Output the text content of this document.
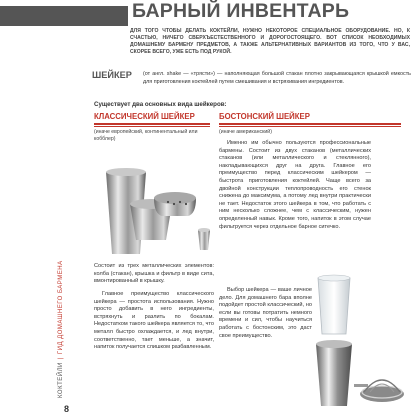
БАРНЫЙ ИНВЕНТАРЬ
ДЛЯ ТОГО ЧТОБЫ ДЕЛАТЬ КОКТЕЙЛИ, НУЖНО НЕКОТОРОЕ СПЕЦИАЛЬНОЕ ОБОРУДОВАНИЕ. НО, К СЧАСТЬЮ, НИЧЕГО СВЕРХЪЕСТЕСТВЕННОГО И ДОРОГОСТОЯЩЕГО. ВОТ СПИСОК НЕОБХОДИМЫХ ДОМАШНЕМУ БАРМЕНУ ПРЕДМЕТОВ, А ТАКЖЕ АЛЬТЕРНАТИВНЫХ ВАРИАНТОВ ИЗ ТОГО, ЧТО У ВАС, СКОРЕЕ ВСЕГО, УЖЕ ЕСТЬ ПОД РУКОЙ.
ШЕЙКЕР (от англ. shake — «трясти») — наполняющая большой стакан плотно закрывающаяся крышкой емкость для приготовления коктейлей путем смешивания и встряхивания ингредиентов.
Существует два основных вида шейкеров:
КЛАССИЧЕСКИЙ ШЕЙКЕР
(иначе европейский, континентальный или кобблер)
Состоит из трех металлических элементов: колба (стакан), крышка и фильтр в виде сита, вмонтированный в крышку.
Главное преимущество классического шейкера — простота использования. Нужно просто добавить в него ингредиенты, встряхнуть и разлить по бокалам. Недостатком такого шейкера является то, что металл быстро охлаждается, и лед внутри, соответственно, тает меньше, а значит, напиток получается слишком разбавленным.
БОСТОНСКИЙ ШЕЙКЕР
(иначе американский)
Именно им обычно пользуются профессиональные бармены. Состоит из двух стаканов (металлических стаканов (или металлического и стеклянного), накладывающихся друг на друга. Главное его преимущество перед классическим шейкером — быстрота приготовления коктейлей. Чаще всего за двойной конструкции теплопроводность его стенок снижена до максимума, а потому лед внутри практически не тает. Недостаток этого шейкера в том, что работать с ним несколько сложнее, чем с классическим, нужен определенный навык. Кроме того, напиток в этом случае фильтруется через отдельное барное ситечко.
Выбор шейкера — ваше личное дело. Для домашнего бара вполне подойдет простой классический, но если вы готовы потратить немного времени и сил, чтобы научиться работать с бостонским, это даст свое преимущество.
КОКТЕЙЛИ|ГИД ДОМАШНЕГО БАРМЕНА
8
